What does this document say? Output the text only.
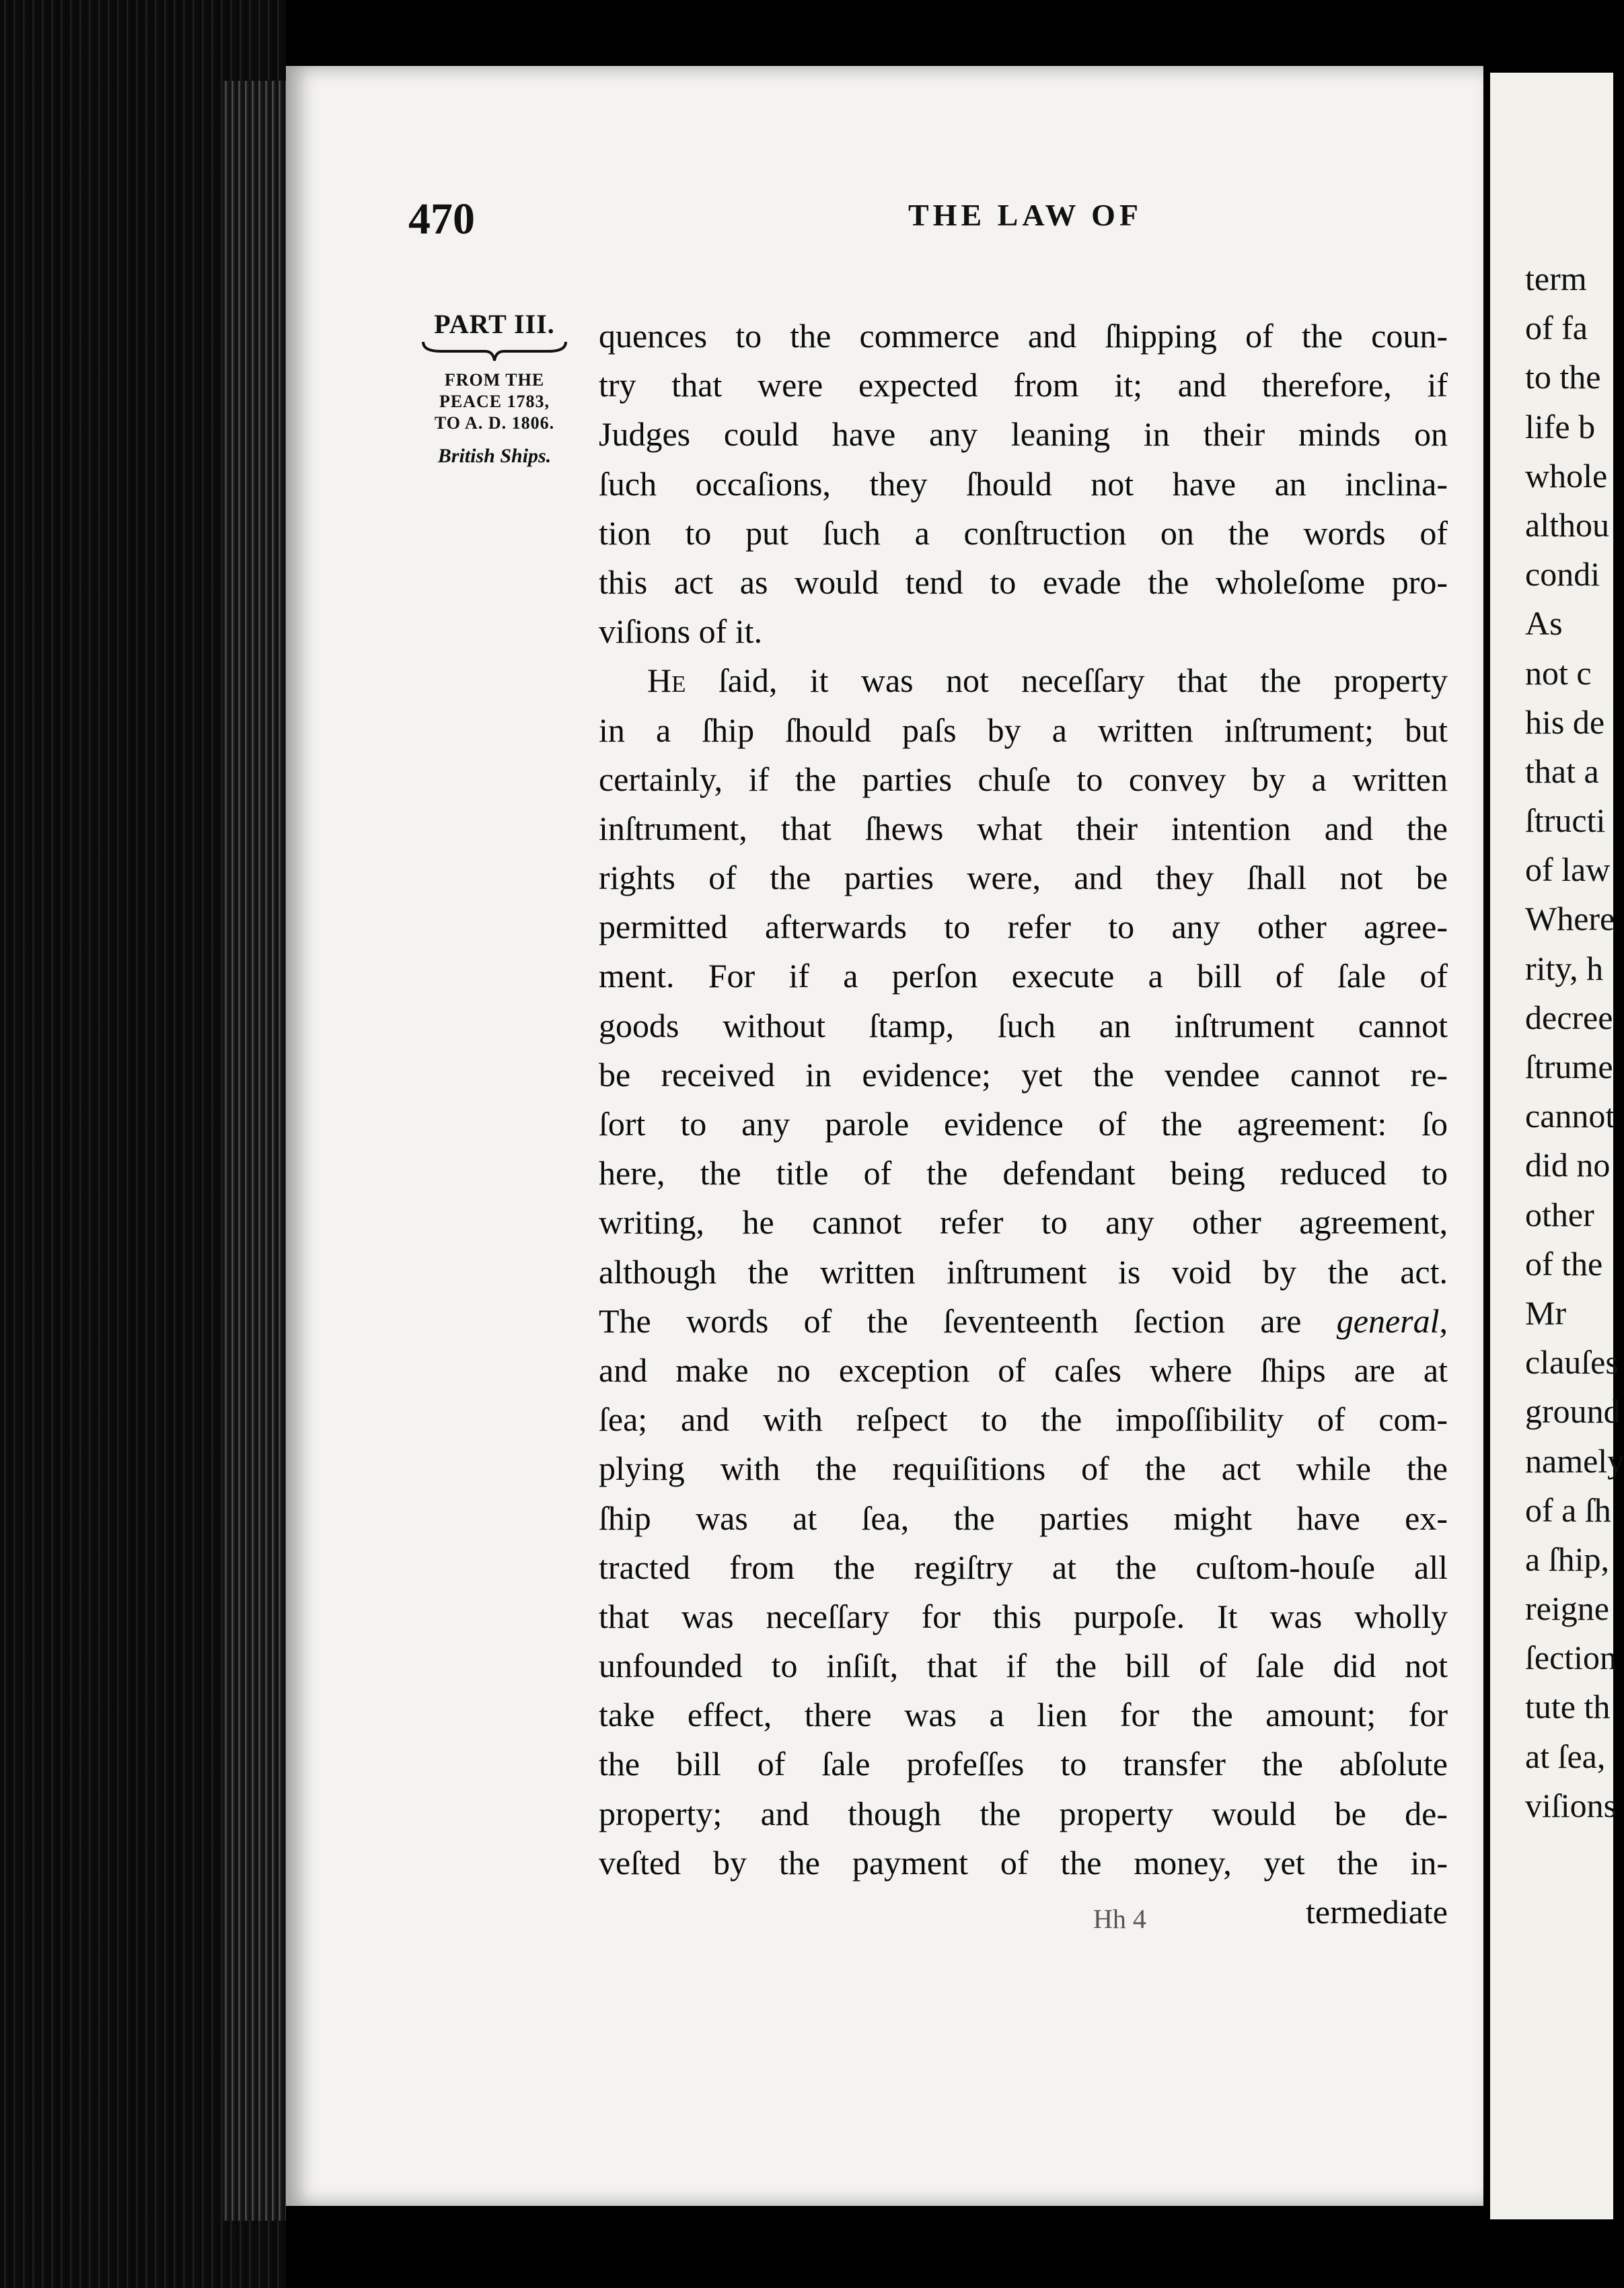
470	THE LAW OF
PART III.
FROM THE
PEACE 1783,
TO A. D. 1806.
British Ships.
quences to the commerce and ſhipping of the coun-
try that were expected from it; and therefore, if
Judges could have any leaning in their minds on
ſuch occaſions, they ſhould not have an inclina-
tion to put ſuch a conſtruction on the words of
this act as would tend to evade the wholeſome pro-
viſions of it.
He ſaid, it was not neceſſary that the property
in a ſhip ſhould paſs by a written inſtrument; but
certainly, if the parties chuſe to convey by a written
inſtrument, that ſhews what their intention and the
rights of the parties were, and they ſhall not be
permitted afterwards to refer to any other agree-
ment. For if a perſon execute a bill of ſale of
goods without ſtamp, ſuch an inſtrument cannot
be received in evidence; yet the vendee cannot re-
ſort to any parole evidence of the agreement: ſo
here, the title of the defendant being reduced to
writing, he cannot refer to any other agreement,
although the written inſtrument is void by the act.
The words of the ſeventeenth ſection are general,
and make no exception of caſes where ſhips are at
ſea; and with reſpect to the impoſſibility of com-
plying with the requiſitions of the act while the
ſhip was at ſea, the parties might have ex-
tracted from the regiſtry at the cuſtom-houſe all
that was neceſſary for this purpoſe. It was wholly
unfounded to inſiſt, that if the bill of ſale did not
take effect, there was a lien for the amount; for
the bill of ſale profeſſes to transfer the abſolute
property; and though the property would be de-
veſted by the payment of the money, yet the in-
termediate
Hh 4
term
of fa
to the
life b
whole
althou
condi
As
not c
his de
that a
ſtructi
of law
Where
rity, h
decree
ſtrume
cannot
did no
other
of the
Mr
clauſes
ground
namely
of a ſh
a ſhip,
reigne
ſection
tute th
at ſea,
viſions
